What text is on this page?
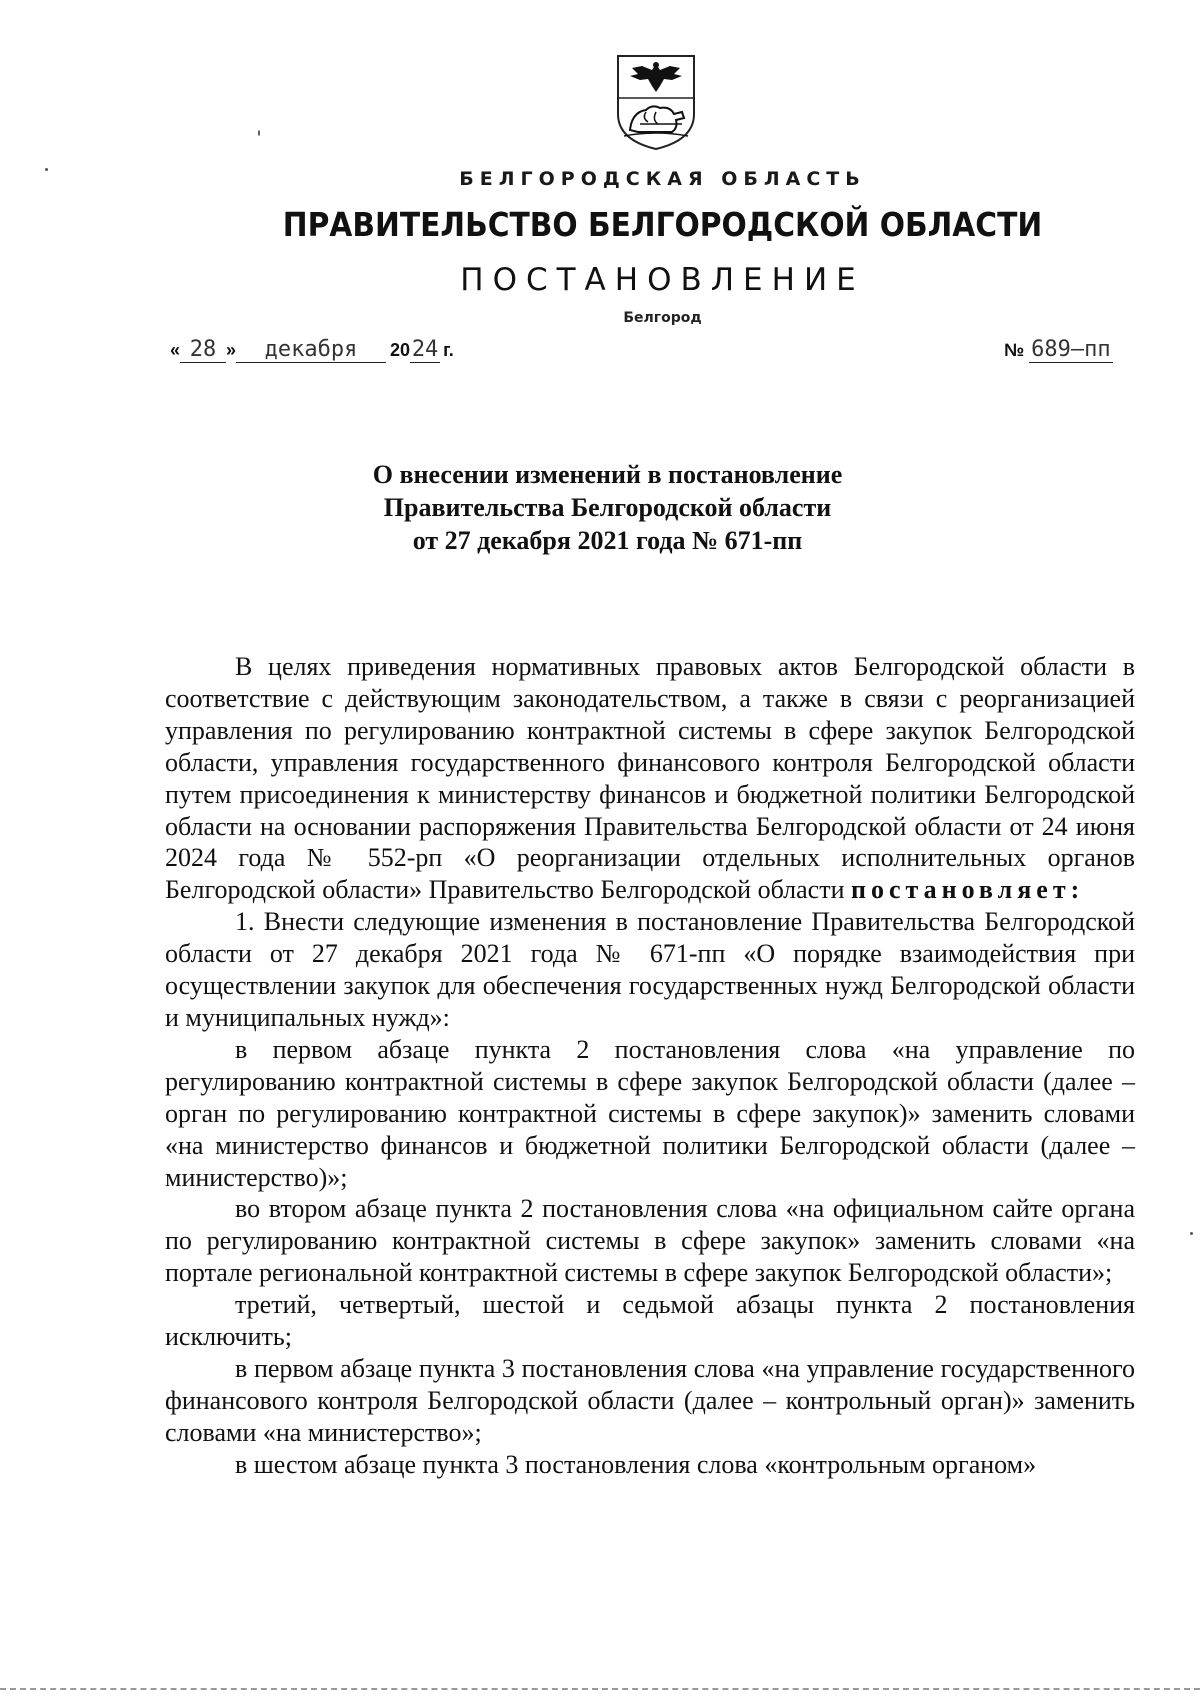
БЕЛГОРОДСКАЯ ОБЛАСТЬ
ПРАВИТЕЛЬСТВО БЕЛГОРОДСКОЙ ОБЛАСТИ
ПОСТАНОВЛЕНИЕ
Белгород
« 28 » декабря 2024 г.	№ 689–пп
О внесении изменений в постановление
Правительства Белгородской области
от 27 декабря 2021 года № 671-пп

В целях приведения нормативных правовых актов Белгородской области в соответствие с действующим законодательством, а также в связи с реорганизацией управления по регулированию контрактной системы в сфере закупок Белгородской области, управления государственного финансового контроля Белгородской области путем присоединения к министерству финансов и бюджетной политики Белгородской области на основании распоряжения Правительства Белгородской области от 24 июня 2024 года № 552-рп «О реорганизации отдельных исполнительных органов Белгородской области» Правительство Белгородской области постановляет:

1. Внести следующие изменения в постановление Правительства Белгородской области от 27 декабря 2021 года № 671-пп «О порядке взаимодействия при осуществлении закупок для обеспечения государственных нужд Белгородской области и муниципальных нужд»:

в первом абзаце пункта 2 постановления слова «на управление по регулированию контрактной системы в сфере закупок Белгородской области (далее – орган по регулированию контрактной системы в сфере закупок)» заменить словами «на министерство финансов и бюджетной политики Белгородской области (далее – министерство)»;

во втором абзаце пункта 2 постановления слова «на официальном сайте органа по регулированию контрактной системы в сфере закупок» заменить словами «на портале региональной контрактной системы в сфере закупок Белгородской области»;

третий, четвертый, шестой и седьмой абзацы пункта 2 постановления исключить;

в первом абзаце пункта 3 постановления слова «на управление государственного финансового контроля Белгородской области (далее – контрольный орган)» заменить словами «на министерство»;

в шестом абзаце пункта 3 постановления слова «контрольным органом»
